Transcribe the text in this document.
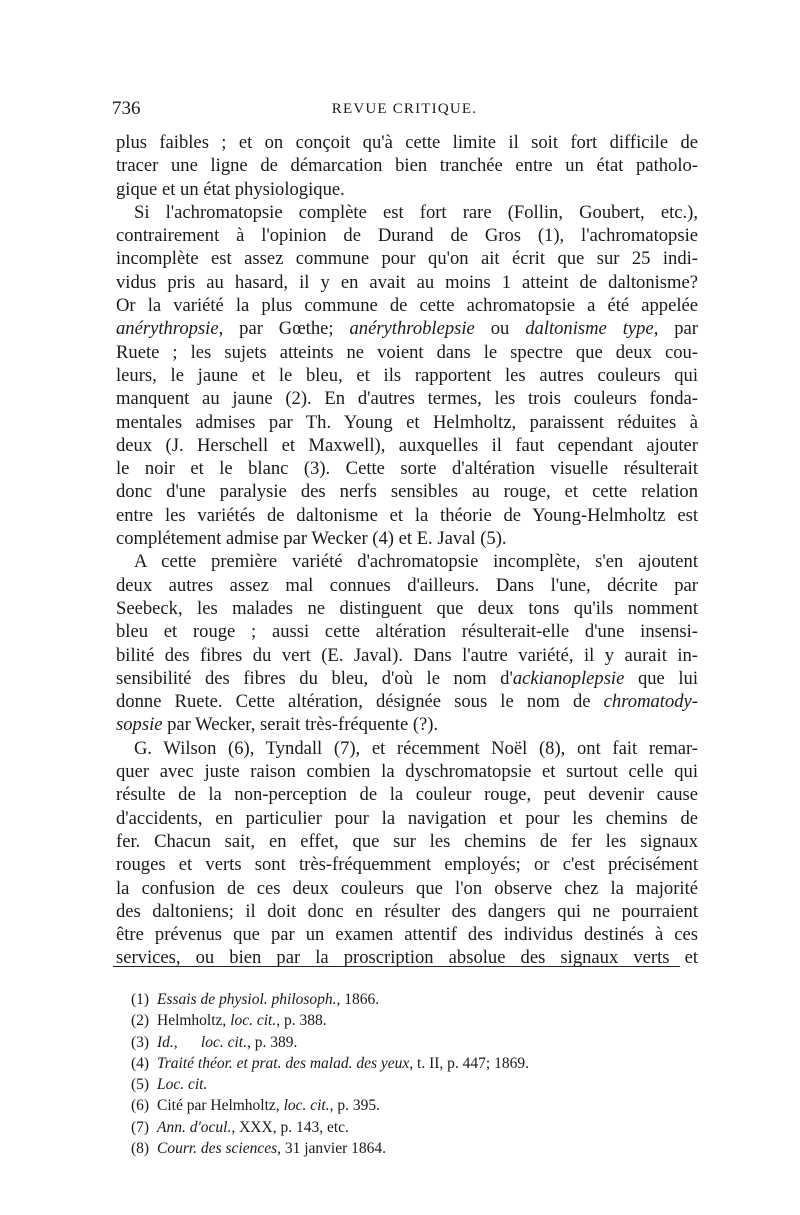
736	REVUE CRITIQUE.
plus faibles ; et on conçoit qu'à cette limite il soit fort difficile de
tracer une ligne de démarcation bien tranchée entre un état patholo-
gique et un état physiologique.
Si l'achromatopsie complète est fort rare (Follin, Goubert, etc.),
contrairement à l'opinion de Durand de Gros (1), l'achromatopsie
incomplète est assez commune pour qu'on ait écrit que sur 25 indi-
vidus pris au hasard, il y en avait au moins 1 atteint de daltonisme?
Or la variété la plus commune de cette achromatopsie a été appelée
anérythropsie, par Gœthe; anérythroblepsie ou daltonisme type, par
Ruete ; les sujets atteints ne voient dans le spectre que deux cou-
leurs, le jaune et le bleu, et ils rapportent les autres couleurs qui
manquent au jaune (2). En d'autres termes, les trois couleurs fonda-
mentales admises par Th. Young et Helmholtz, paraissent réduites à
deux (J. Herschell et Maxwell), auxquelles il faut cependant ajouter
le noir et le blanc (3). Cette sorte d'altération visuelle résulterait
donc d'une paralysie des nerfs sensibles au rouge, et cette relation
entre les variétés de daltonisme et la théorie de Young-Helmholtz est
complétement admise par Wecker (4) et E. Javal (5).
A cette première variété d'achromatopsie incomplète, s'en ajoutent
deux autres assez mal connues d'ailleurs. Dans l'une, décrite par
Seebeck, les malades ne distinguent que deux tons qu'ils nomment
bleu et rouge ; aussi cette altération résulterait-elle d'une insensi-
bilité des fibres du vert (E. Javal). Dans l'autre variété, il y aurait in-
sensibilité des fibres du bleu, d'où le nom d'ackianoplepsie que lui
donne Ruete. Cette altération, désignée sous le nom de chromatody-
sopsie par Wecker, serait très-fréquente (?).
G. Wilson (6), Tyndall (7), et récemment Noël (8), ont fait remar-
quer avec juste raison combien la dyschromatopsie et surtout celle qui
résulte de la non-perception de la couleur rouge, peut devenir cause
d'accidents, en particulier pour la navigation et pour les chemins de
fer. Chacun sait, en effet, que sur les chemins de fer les signaux
rouges et verts sont très-fréquemment employés; or c'est précisément
la confusion de ces deux couleurs que l'on observe chez la majorité
des daltoniens; il doit donc en résulter des dangers qui ne pourraient
être prévenus que par un examen attentif des individus destinés à ces
services, ou bien par la proscription absolue des signaux verts et
(1) Essais de physiol. philosoph., 1866.
(2) Helmholtz, loc. cit., p. 388.
(3) Id.,      loc. cit., p. 389.
(4) Traité théor. et prat. des malad. des yeux, t. II, p. 447; 1869.
(5) Loc. cit.
(6) Cité par Helmholtz, loc. cit., p. 395.
(7) Ann. d'ocul., XXX, p. 143, etc.
(8) Courr. des sciences, 31 janvier 1864.
